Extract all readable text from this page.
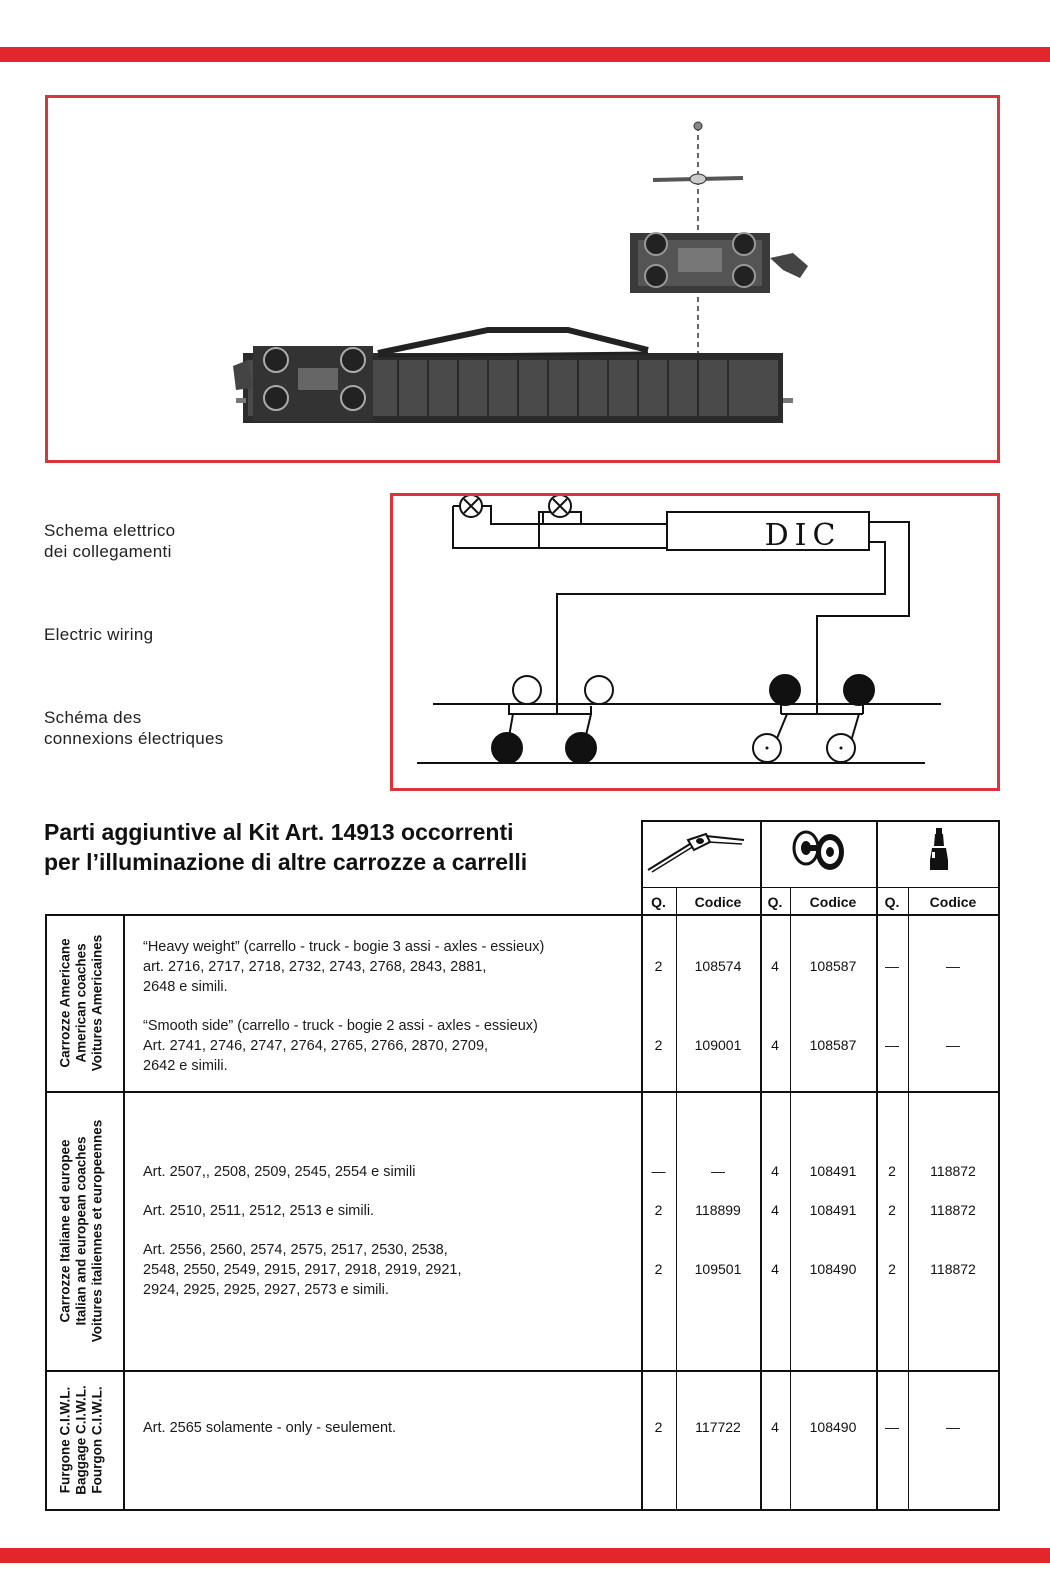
Schema elettrico
dei collegamenti
Electric wiring
Schéma des
connexions électriques
DIC
Parti aggiuntive al Kit Art. 14913 occorrenti
per l’illuminazione di altre carrozze a carrelli
Q.	Codice	Q.	Codice	Q.	Codice
Carrozze Americane American coaches Voitures Americaines	“Heavy weight” (carrello - truck - bogie 3 assi - axles - essieux)
art. 2716, 2717, 2718, 2732, 2743, 2768, 2843, 2881,
2648 e simili.
2	108574	4	108587	—	—
“Smooth side” (carrello - truck - bogie 2 assi - axles - essieux)
Art. 2741, 2746, 2747, 2764, 2765, 2766, 2870, 2709,
2642 e simili.
2	109001	4	108587	—	—
Carrozze Italiane ed europee Italian and european coaches Voitures italiennes et europeennes	Art. 2507,, 2508, 2509, 2545, 2554 e simili	—	—	4	108491	2	118872
Art. 2510, 2511, 2512, 2513 e simili.	2	118899	4	108491	2	118872
Art. 2556, 2560, 2574, 2575, 2517, 2530, 2538,
2548, 2550, 2549, 2915, 2917, 2918, 2919, 2921,
2924, 2925, 2925, 2927, 2573 e simili.
2	109501	4	108490	2	118872
Furgone C.I.W.L. Baggage C.I.W.L. Fourgon C.I.W.L.	Art. 2565 solamente - only - seulement.	2	117722	4	108490	—	—
